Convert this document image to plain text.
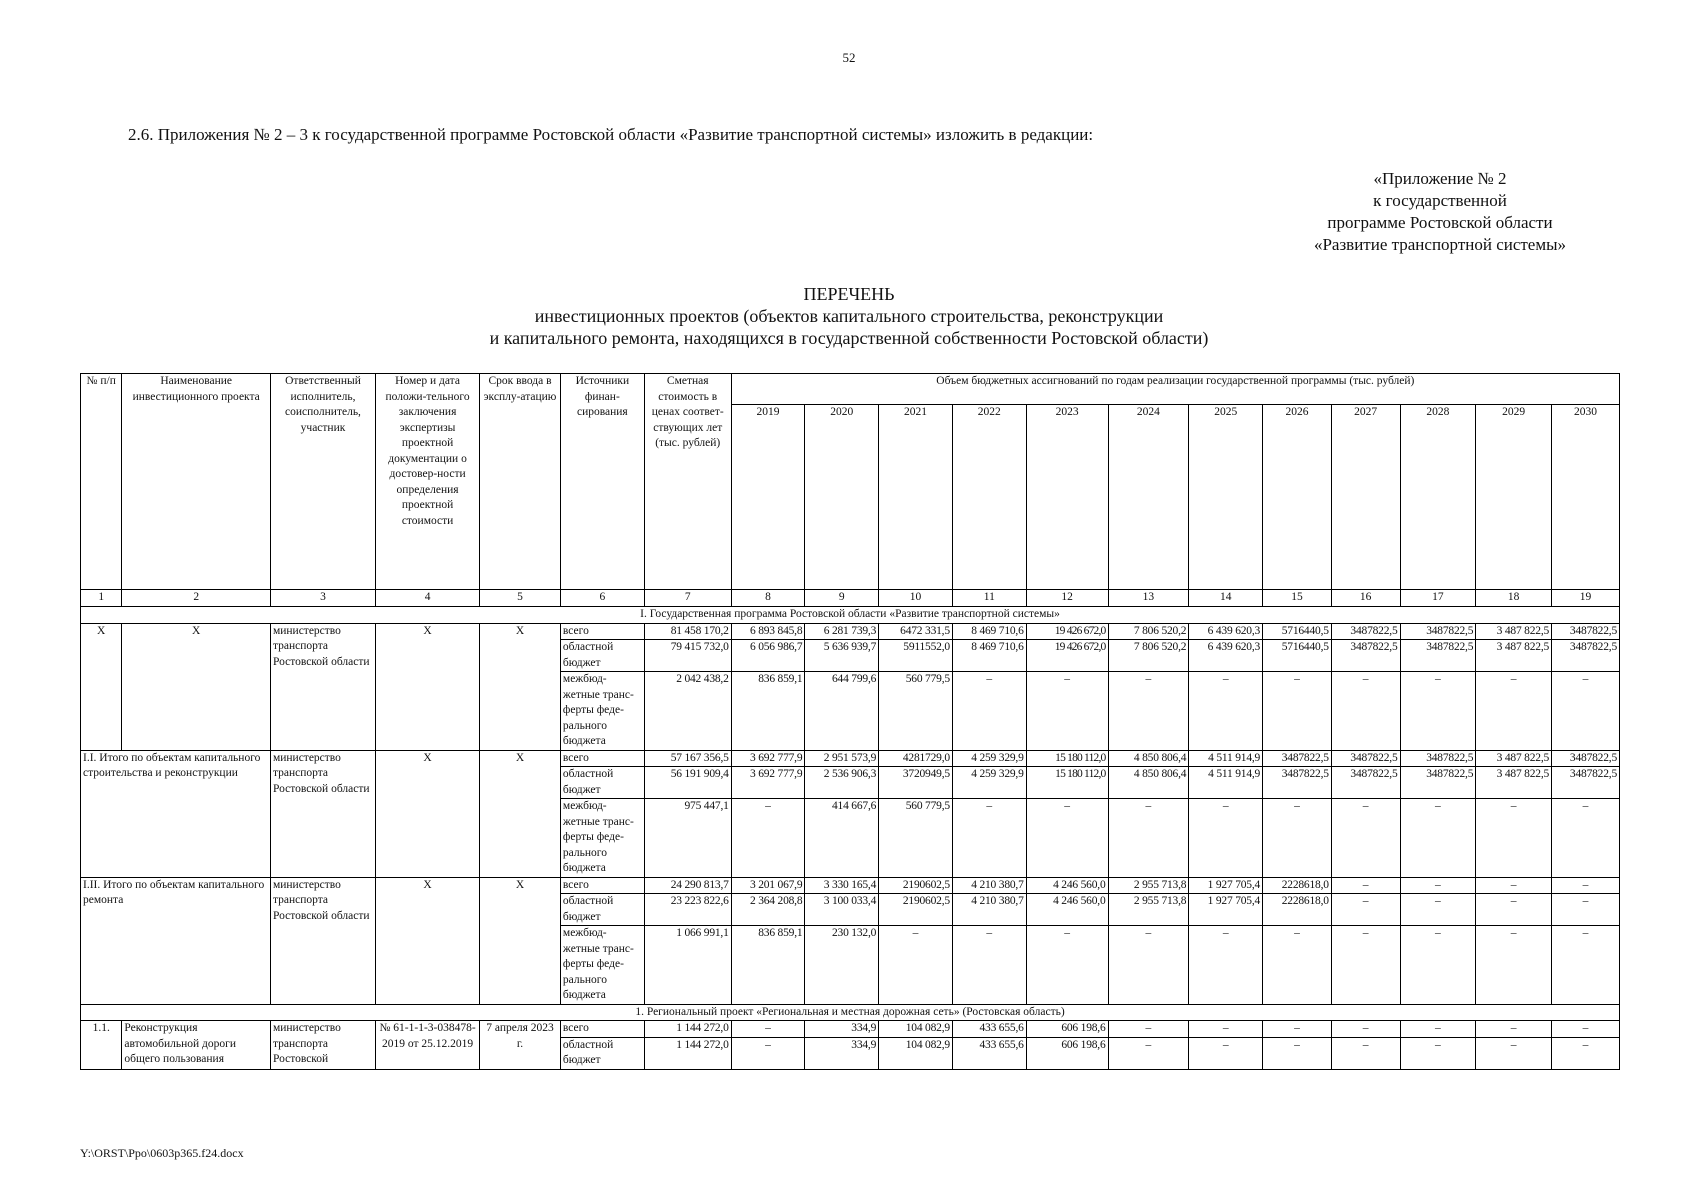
52
2.6. Приложения № 2 – 3 к государственной программе Ростовской области «Развитие транспортной системы» изложить в редакции:
«Приложение № 2
к государственной
программе Ростовской области
«Развитие транспортной системы»
ПЕРЕЧЕНЬ
инвестиционных проектов (объектов капитального строительства, реконструкции
и капитального ремонта, находящихся в государственной собственности Ростовской области)
№ п/п	Наименование инвестиционного проекта	Ответственный исполнитель, соисполнитель, участник	Номер и дата положи-тельного заключения экспертизы проектной документации о достовер-ности определения проектной стоимости	Срок ввода в эксплу-атацию	Источники финан-сирования	Сметная стоимость в ценах соответ-ствующих лет (тыс. рублей)	Объем бюджетных ассигнований по годам реализации государственной программы (тыс. рублей)											
							2019	2020	2021	2022	2023	2024	2025	2026	2027	2028	2029	2030
1	2	3	4	5	6	7	8	9	10	11	12	13	14	15	16	17	18	19
I. Государственная программа Ростовской области «Развитие транспортной системы»																		
Х	Х	министерство транспорта Ростовской области	Х	Х	всего	81 458 170,2	6 893 845,8	6 281 739,3	6472 331,5	8 469 710,6	19 426 672,0	7 806 520,2	6 439 620,3	5716440,5	3487822,5	3487822,5	3 487 822,5	3487822,5
					областной бюджет	79 415 732,0	6 056 986,7	5 636 939,7	5911552,0	8 469 710,6	19 426 672,0	7 806 520,2	6 439 620,3	5716440,5	3487822,5	3487822,5	3 487 822,5	3487822,5
					межбюд-жетные транс-ферты феде-рального бюджета	2 042 438,2	836 859,1	644 799,6	560 779,5	–	–	–	–	–	–	–	–	–
I.I. Итого по объектам капитального строительства и реконструкции		министерство транспорта Ростовской области	Х	Х	всего	57 167 356,5	3 692 777,9	2 951 573,9	4281729,0	4 259 329,9	15 180 112,0	4 850 806,4	4 511 914,9	3487822,5	3487822,5	3487822,5	3 487 822,5	3487822,5
					областной бюджет	56 191 909,4	3 692 777,9	2 536 906,3	3720949,5	4 259 329,9	15 180 112,0	4 850 806,4	4 511 914,9	3487822,5	3487822,5	3487822,5	3 487 822,5	3487822,5
					межбюд-жетные транс-ферты феде-рального бюджета	975 447,1	–	414 667,6	560 779,5	–	–	–	–	–	–	–	–	–
I.II. Итого по объектам капитального ремонта		министерство транспорта Ростовской области	Х	Х	всего	24 290 813,7	3 201 067,9	3 330 165,4	2190602,5	4 210 380,7	4 246 560,0	2 955 713,8	1 927 705,4	2228618,0	–	–	–	–
					областной бюджет	23 223 822,6	2 364 208,8	3 100 033,4	2190602,5	4 210 380,7	4 246 560,0	2 955 713,8	1 927 705,4	2228618,0	–	–	–	–
					межбюд-жетные транс-ферты феде-рального бюджета	1 066 991,1	836 859,1	230 132,0	–	–	–	–	–	–	–	–	–	–
1. Региональный проект «Региональная и местная дорожная сеть» (Ростовская область)																		
1.1.	Реконструкция автомобильной дороги общего пользования	министерство транспорта Ростовской	№ 61-1-1-3-038478-2019 от 25.12.2019	7 апреля 2023 г.	всего	1 144 272,0	–	334,9	104 082,9	433 655,6	606 198,6	–	–	–	–	–	–	–
					областной бюджет	1 144 272,0	–	334,9	104 082,9	433 655,6	606 198,6	–	–	–	–	–	–	–
Y:\ORST\Ppo\0603p365.f24.docx
